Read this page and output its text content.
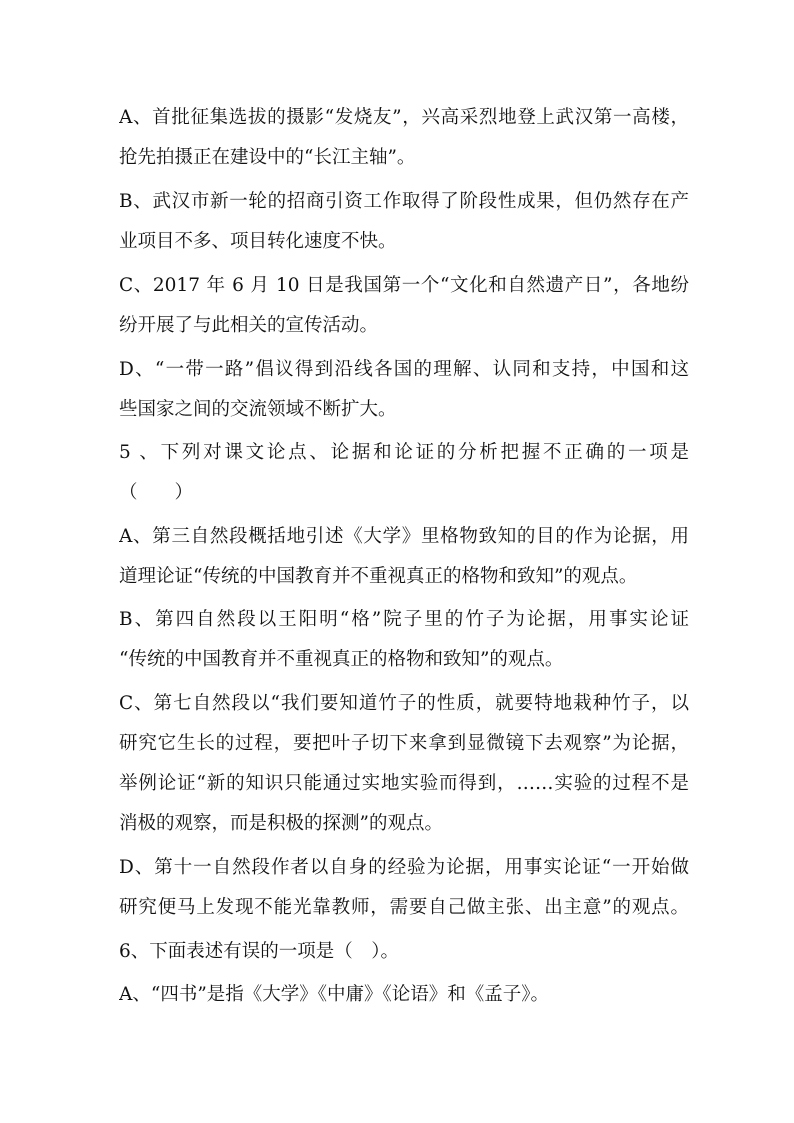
A、首批征集选拔的摄影“发烧友”，兴高采烈地登上武汉第一高楼，
抢先拍摄正在建设中的“长江主轴”。
B、武汉市新一轮的招商引资工作取得了阶段性成果，但仍然存在产
业项目不多、项目转化速度不快。
C、2017 年 6 月 10 日是我国第一个“文化和自然遗产日”，各地纷
纷开展了与此相关的宣传活动。
D、“一带一路”倡议得到沿线各国的理解、认同和支持，中国和这
些国家之间的交流领域不断扩大。
5 、下列对课文论点、论据和论证的分析把握不正确的一项是
（　　）
A、第三自然段概括地引述《大学》里格物致知的目的作为论据，用
道理论证“传统的中国教育并不重视真正的格物和致知”的观点。
B、第四自然段以王阳明“格”院子里的竹子为论据，用事实论证
“传统的中国教育并不重视真正的格物和致知”的观点。
C、第七自然段以“我们要知道竹子的性质，就要特地栽种竹子，以
研究它生长的过程，要把叶子切下来拿到显微镜下去观察”为论据，
举例论证“新的知识只能通过实地实验而得到，……实验的过程不是
消极的观察，而是积极的探测”的观点。
D、第十一自然段作者以自身的经验为论据，用事实论证“一开始做
研究便马上发现不能光靠教师，需要自己做主张、出主意”的观点。
6、下面表述有误的一项是（　）。
A、“四书”是指《大学》《中庸》《论语》和《孟子》。
